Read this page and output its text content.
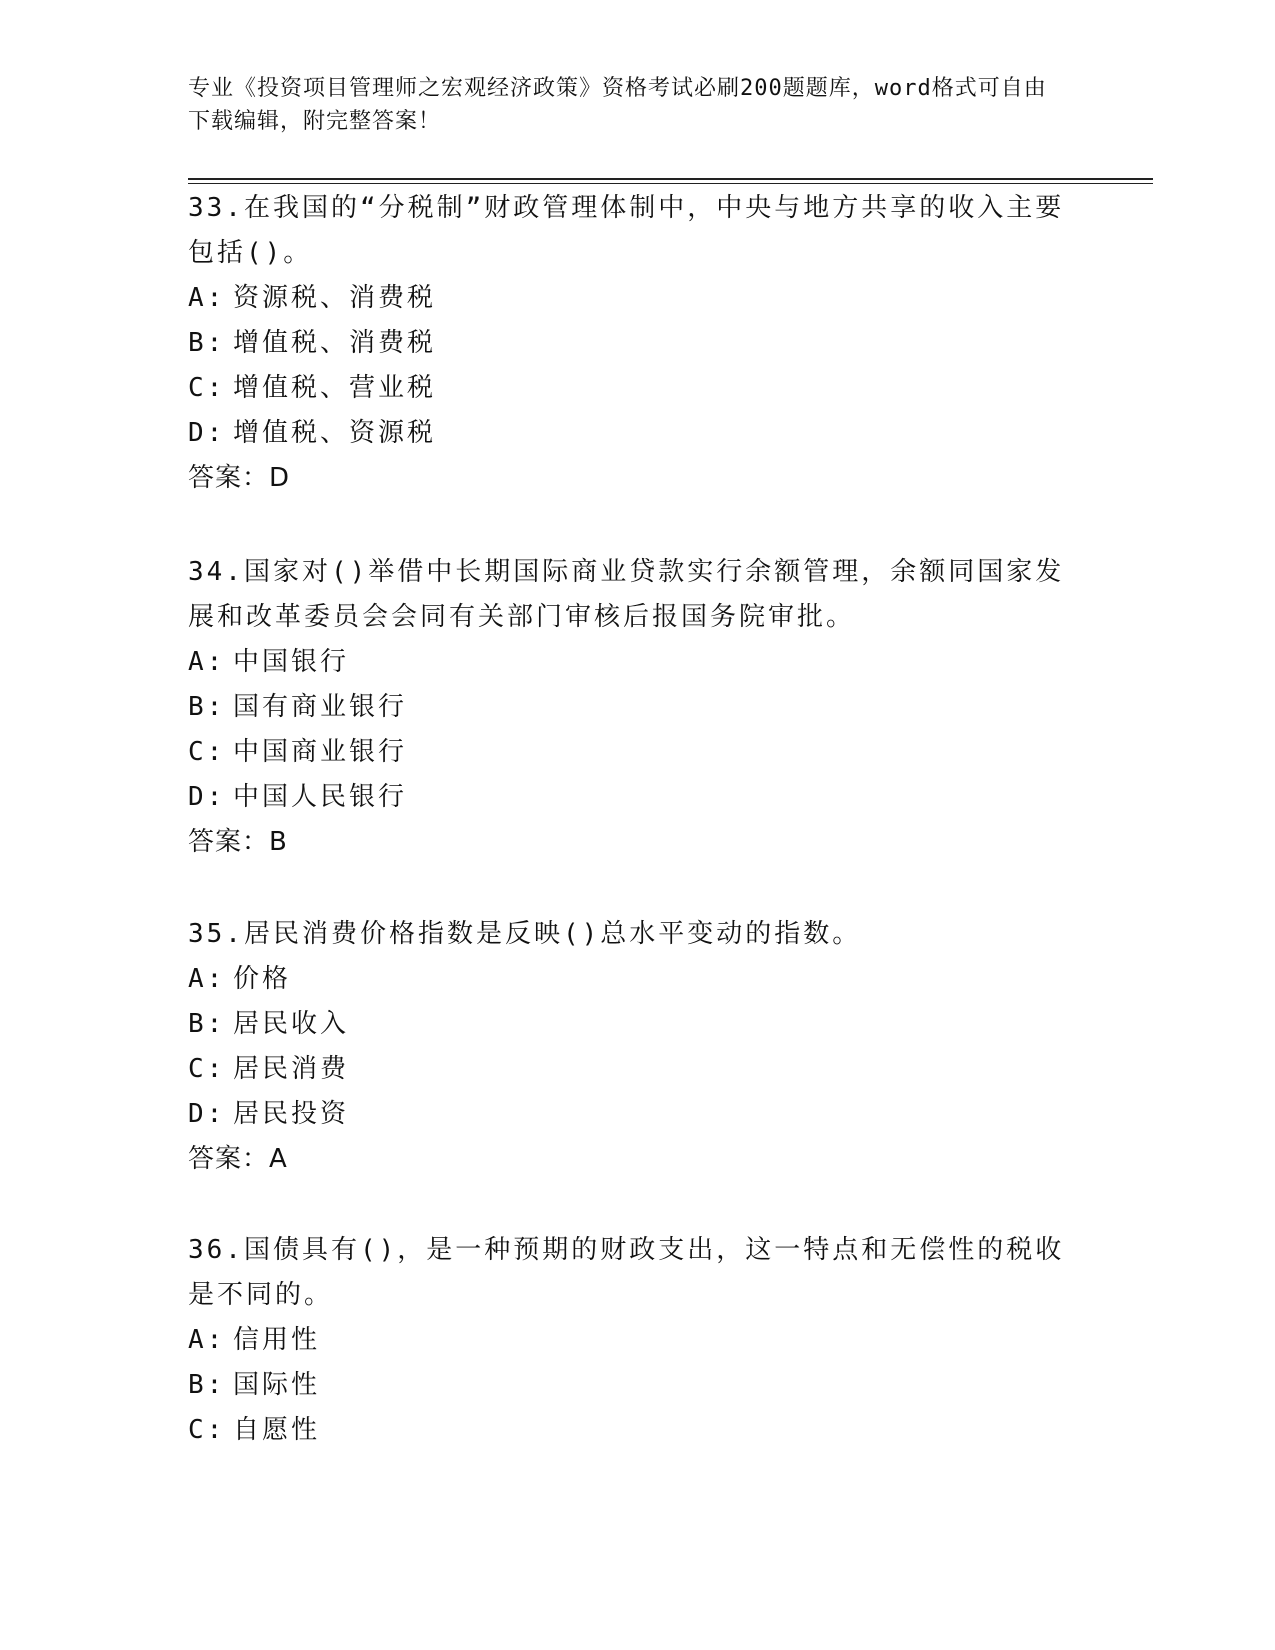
专业《投资项目管理师之宏观经济政策》资格考试必刷200题题库，word格式可自由下载编辑，附完整答案！

33.在我国的“分税制”财政管理体制中，中央与地方共享的收入主要包括()。

A: 资源税、消费税

B: 增值税、消费税

C: 增值税、营业税

D: 增值税、资源税

答案：D

34.国家对()举借中长期国际商业贷款实行余额管理，余额同国家发展和改革委员会会同有关部门审核后报国务院审批。

A: 中国银行

B: 国有商业银行

C: 中国商业银行

D: 中国人民银行

答案：B

35.居民消费价格指数是反映()总水平变动的指数。

A: 价格

B: 居民收入

C: 居民消费

D: 居民投资

答案：A

36.国债具有()，是一种预期的财政支出，这一特点和无偿性的税收是不同的。

A: 信用性

B: 国际性

C: 自愿性
